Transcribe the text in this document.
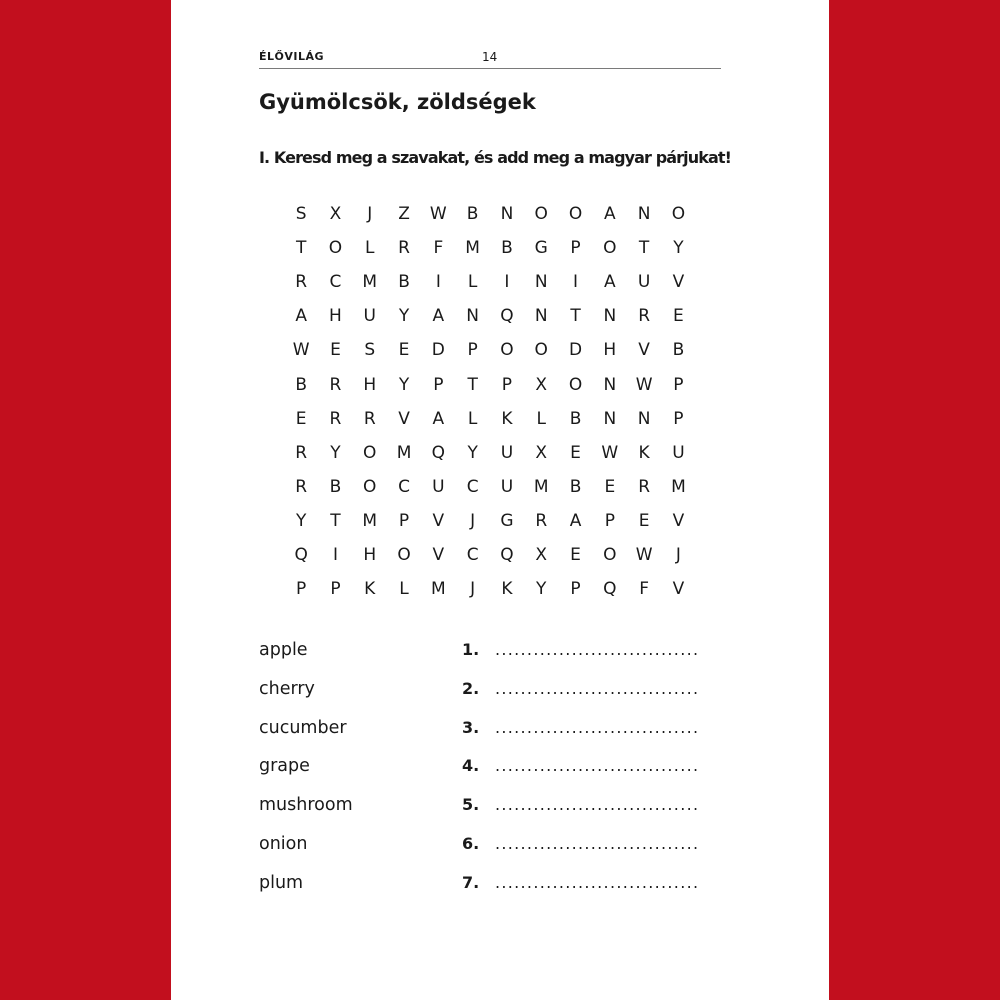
ÉLŐVILÁG	14
Gyümölcsök, zöldségek
I. Keresd meg a szavakat, és add meg a magyar párjukat!
S	X	J	Z	W	B	N	O	O	A	N	O
T	O	L	R	F	M	B	G	P	O	T	Y
R	C	M	B	I	L	I	N	I	A	U	V
A	H	U	Y	A	N	Q	N	T	N	R	E
W	E	S	E	D	P	O	O	D	H	V	B
B	R	H	Y	P	T	P	X	O	N	W	P
E	R	R	V	A	L	K	L	B	N	N	P
R	Y	O	M	Q	Y	U	X	E	W	K	U
R	B	O	C	U	C	U	M	B	E	R	M
Y	T	M	P	V	J	G	R	A	P	E	V
Q	I	H	O	V	C	Q	X	E	O	W	J
P	P	K	L	M	J	K	Y	P	Q	F	V
apple	1. ................................
cherry	2. ................................
cucumber	3. ................................
grape	4. ................................
mushroom	5. ................................
onion	6. ................................
plum	7. ................................
